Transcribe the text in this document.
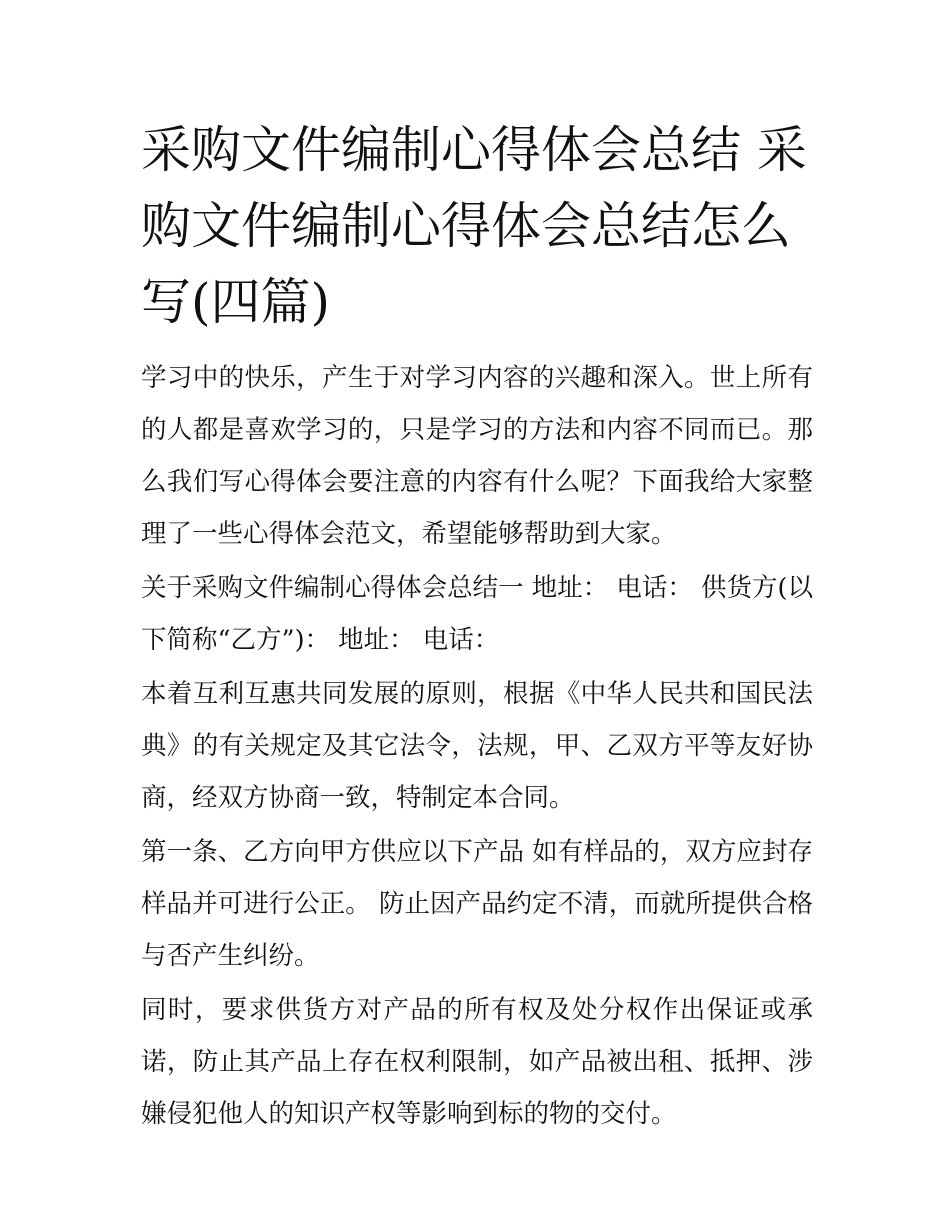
采购文件编制心得体会总结 采购文件编制心得体会总结怎么写(四篇)

学习中的快乐，产生于对学习内容的兴趣和深入。世上所有的人都是喜欢学习的，只是学习的方法和内容不同而已。那么我们写心得体会要注意的内容有什么呢？下面我给大家整理了一些心得体会范文，希望能够帮助到大家。

关于采购文件编制心得体会总结一 地址： 电话： 供货方(以下简称“乙方”)： 地址： 电话：

本着互利互惠共同发展的原则，根据《中华人民共和国民法典》的有关规定及其它法令，法规，甲、乙双方平等友好协商，经双方协商一致，特制定本合同。

第一条、乙方向甲方供应以下产品 如有样品的，双方应封存样品并可进行公正。 防止因产品约定不清，而就所提供合格与否产生纠纷。

同时，要求供货方对产品的所有权及处分权作出保证或承诺，防止其产品上存在权利限制，如产品被出租、抵押、涉嫌侵犯他人的知识产权等影响到标的物的交付。
